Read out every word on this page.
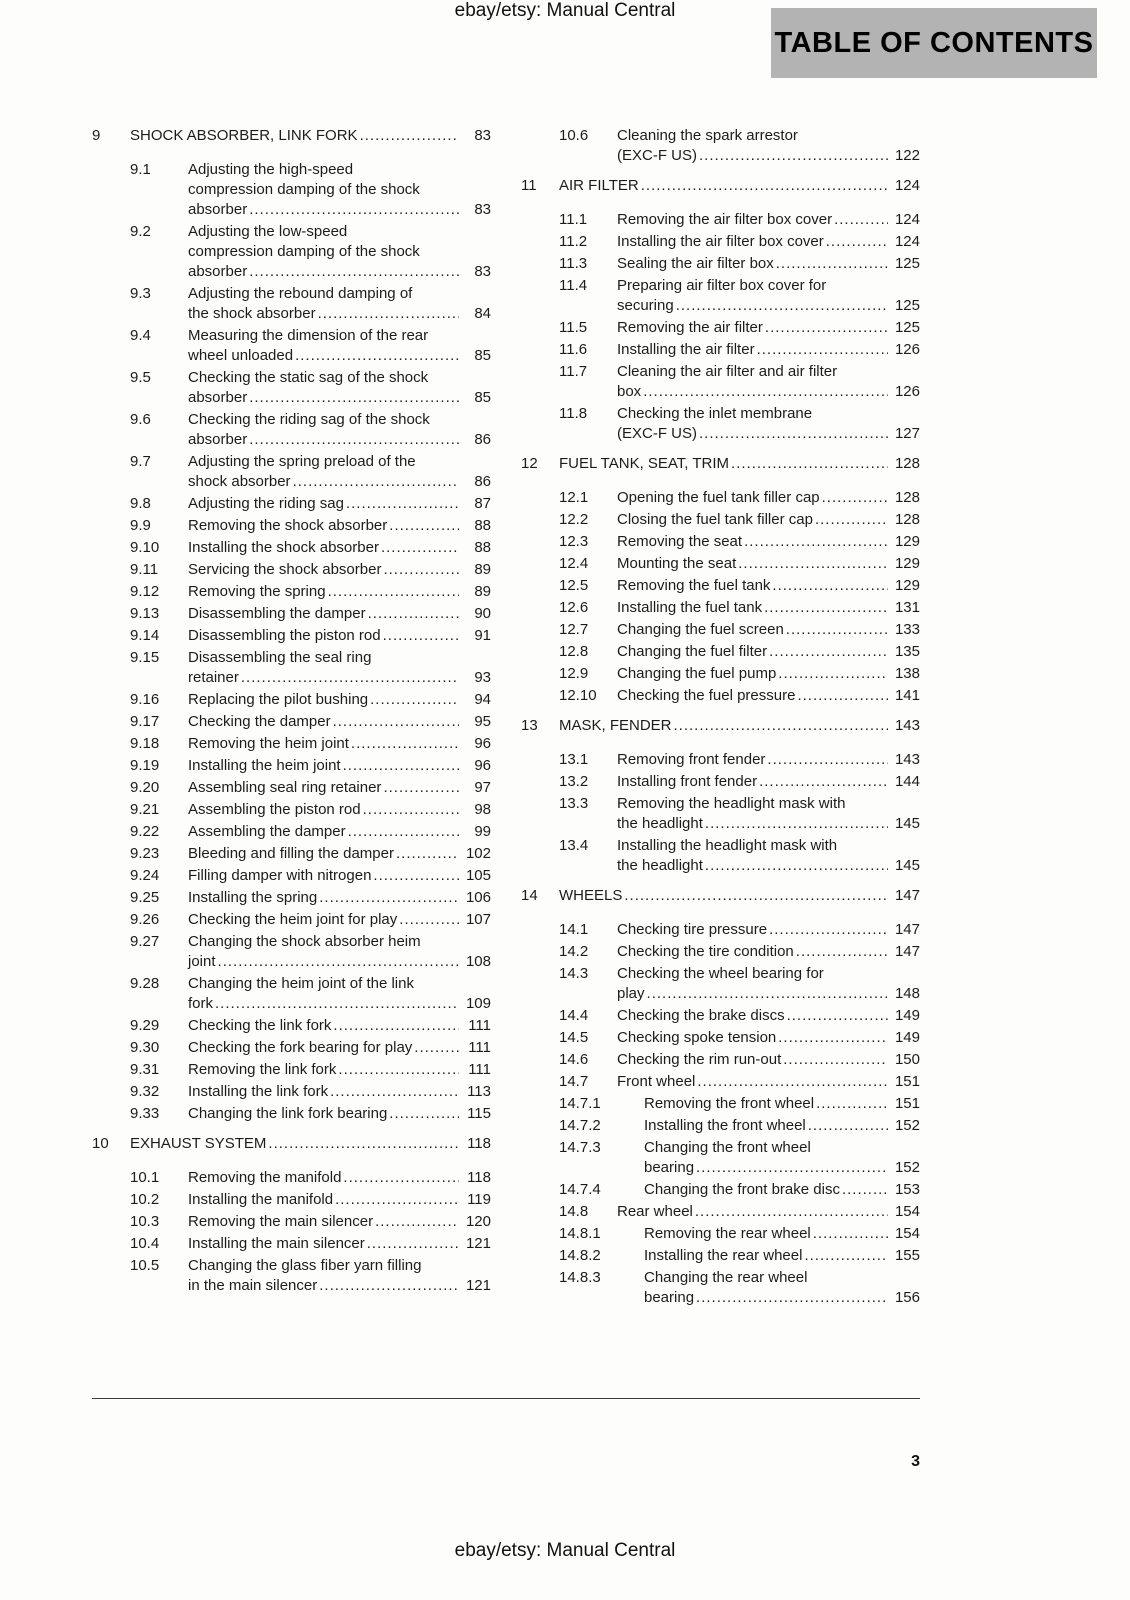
ebay/etsy: Manual Central
TABLE OF CONTENTS
9	SHOCK ABSORBER, LINK FORK .....	83
9.1	Adjusting the high-speed
compression damping of the shock
absorber .....	83
9.2	Adjusting the low-speed
compression damping of the shock
absorber .....	83
9.3	Adjusting the rebound damping of
the shock absorber .....	84
9.4	Measuring the dimension of the rear
wheel unloaded .....	85
9.5	Checking the static sag of the shock
absorber .....	85
9.6	Checking the riding sag of the shock
absorber .....	86
9.7	Adjusting the spring preload of the
shock absorber .....	86
9.8	Adjusting the riding sag .....	87
9.9	Removing the shock absorber .....	88
9.10	Installing the shock absorber .....	88
9.11	Servicing the shock absorber .....	89
9.12	Removing the spring .....	89
9.13	Disassembling the damper .....	90
9.14	Disassembling the piston rod .....	91
9.15	Disassembling the seal ring
retainer .....	93
9.16	Replacing the pilot bushing .....	94
9.17	Checking the damper .....	95
9.18	Removing the heim joint .....	96
9.19	Installing the heim joint .....	96
9.20	Assembling seal ring retainer .....	97
9.21	Assembling the piston rod .....	98
9.22	Assembling the damper .....	99
9.23	Bleeding and filling the damper .....	102
9.24	Filling damper with nitrogen .....	105
9.25	Installing the spring .....	106
9.26	Checking the heim joint for play .....	107
9.27	Changing the shock absorber heim
joint .....	108
9.28	Changing the heim joint of the link
fork .....	109
9.29	Checking the link fork .....	111
9.30	Checking the fork bearing for play .....	111
9.31	Removing the link fork .....	111
9.32	Installing the link fork .....	113
9.33	Changing the link fork bearing .....	115
10	EXHAUST SYSTEM .....	118
10.1	Removing the manifold .....	118
10.2	Installing the manifold .....	119
10.3	Removing the main silencer .....	120
10.4	Installing the main silencer .....	121
10.5	Changing the glass fiber yarn filling
in the main silencer .....	121
10.6	Cleaning the spark arrestor
(EXC-F US) .....	122
11	AIR FILTER .....	124
11.1	Removing the air filter box cover .....	124
11.2	Installing the air filter box cover .....	124
11.3	Sealing the air filter box .....	125
11.4	Preparing air filter box cover for
securing .....	125
11.5	Removing the air filter .....	125
11.6	Installing the air filter .....	126
11.7	Cleaning the air filter and air filter
box .....	126
11.8	Checking the inlet membrane
(EXC-F US) .....	127
12	FUEL TANK, SEAT, TRIM .....	128
12.1	Opening the fuel tank filler cap .....	128
12.2	Closing the fuel tank filler cap .....	128
12.3	Removing the seat .....	129
12.4	Mounting the seat .....	129
12.5	Removing the fuel tank .....	129
12.6	Installing the fuel tank .....	131
12.7	Changing the fuel screen .....	133
12.8	Changing the fuel filter .....	135
12.9	Changing the fuel pump .....	138
12.10	Checking the fuel pressure .....	141
13	MASK, FENDER .....	143
13.1	Removing front fender .....	143
13.2	Installing front fender .....	144
13.3	Removing the headlight mask with
the headlight .....	145
13.4	Installing the headlight mask with
the headlight .....	145
14	WHEELS .....	147
14.1	Checking tire pressure .....	147
14.2	Checking the tire condition .....	147
14.3	Checking the wheel bearing for
play .....	148
14.4	Checking the brake discs .....	149
14.5	Checking spoke tension .....	149
14.6	Checking the rim run-out .....	150
14.7	Front wheel .....	151
14.7.1	Removing the front wheel .....	151
14.7.2	Installing the front wheel .....	152
14.7.3	Changing the front wheel
bearing .....	152
14.7.4	Changing the front brake disc .....	153
14.8	Rear wheel .....	154
14.8.1	Removing the rear wheel .....	154
14.8.2	Installing the rear wheel .....	155
14.8.3	Changing the rear wheel
bearing .....	156
3
ebay/etsy: Manual Central
